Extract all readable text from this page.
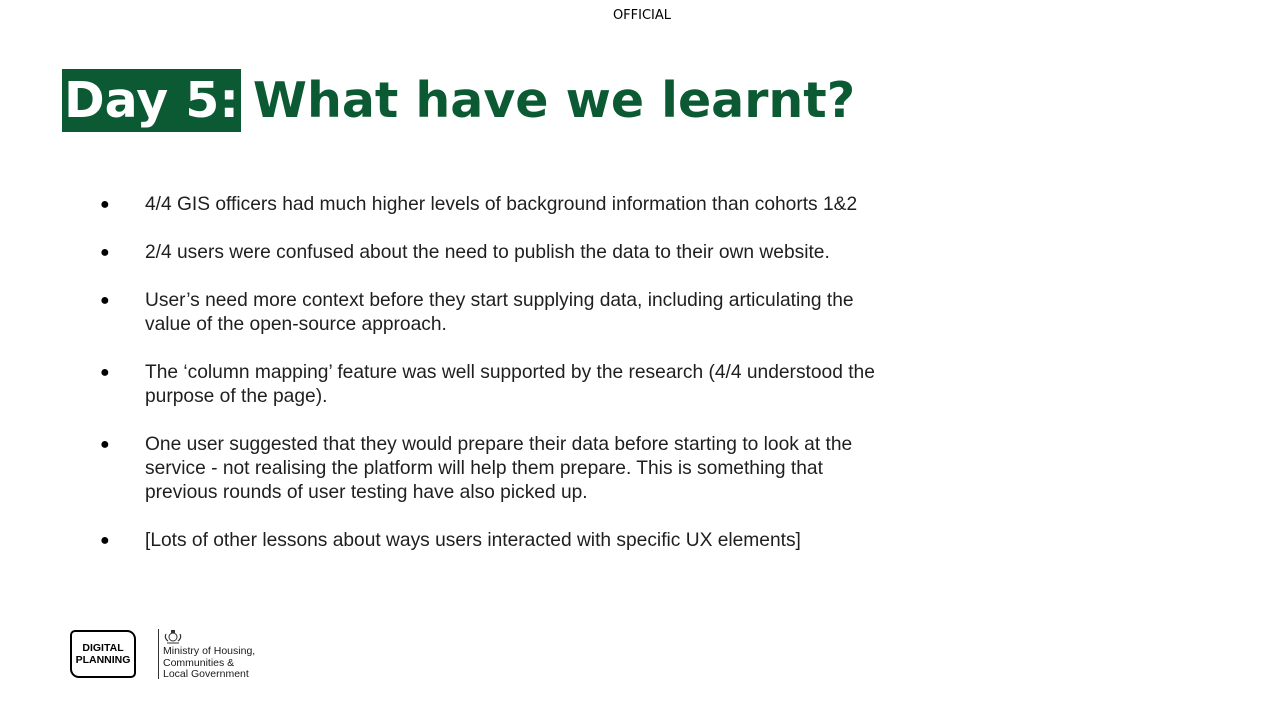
OFFICIAL
Day 5: What have we learnt?
● 4/4 GIS officers had much higher levels of background information than cohorts 1&2
● 2/4 users were confused about the need to publish the data to their own website.
● User’s need more context before they start supplying data, including articulating the value of the open-source approach.
● The ‘column mapping’ feature was well supported by the research (4/4 understood the purpose of the page).
● One user suggested that they would prepare their data before starting to look at the service - not realising the platform will help them prepare. This is something that previous rounds of user testing have also picked up.
● [Lots of other lessons about ways users interacted with specific UX elements]
DIGITAL
PLANNING
Ministry of Housing,
Communities &
Local Government
